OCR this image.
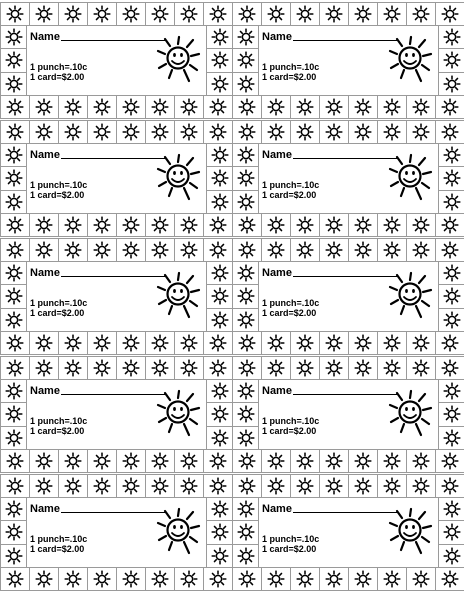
Name
1 punch=.10c
1 card=$2.00
Name
1 punch=.10c
1 card=$2.00
Name
1 punch=.10c
1 card=$2.00
Name
1 punch=.10c
1 card=$2.00
Name
1 punch=.10c
1 card=$2.00
Name
1 punch=.10c
1 card=$2.00
Name
1 punch=.10c
1 card=$2.00
Name
1 punch=.10c
1 card=$2.00
Name
1 punch=.10c
1 card=$2.00
Name
1 punch=.10c
1 card=$2.00
